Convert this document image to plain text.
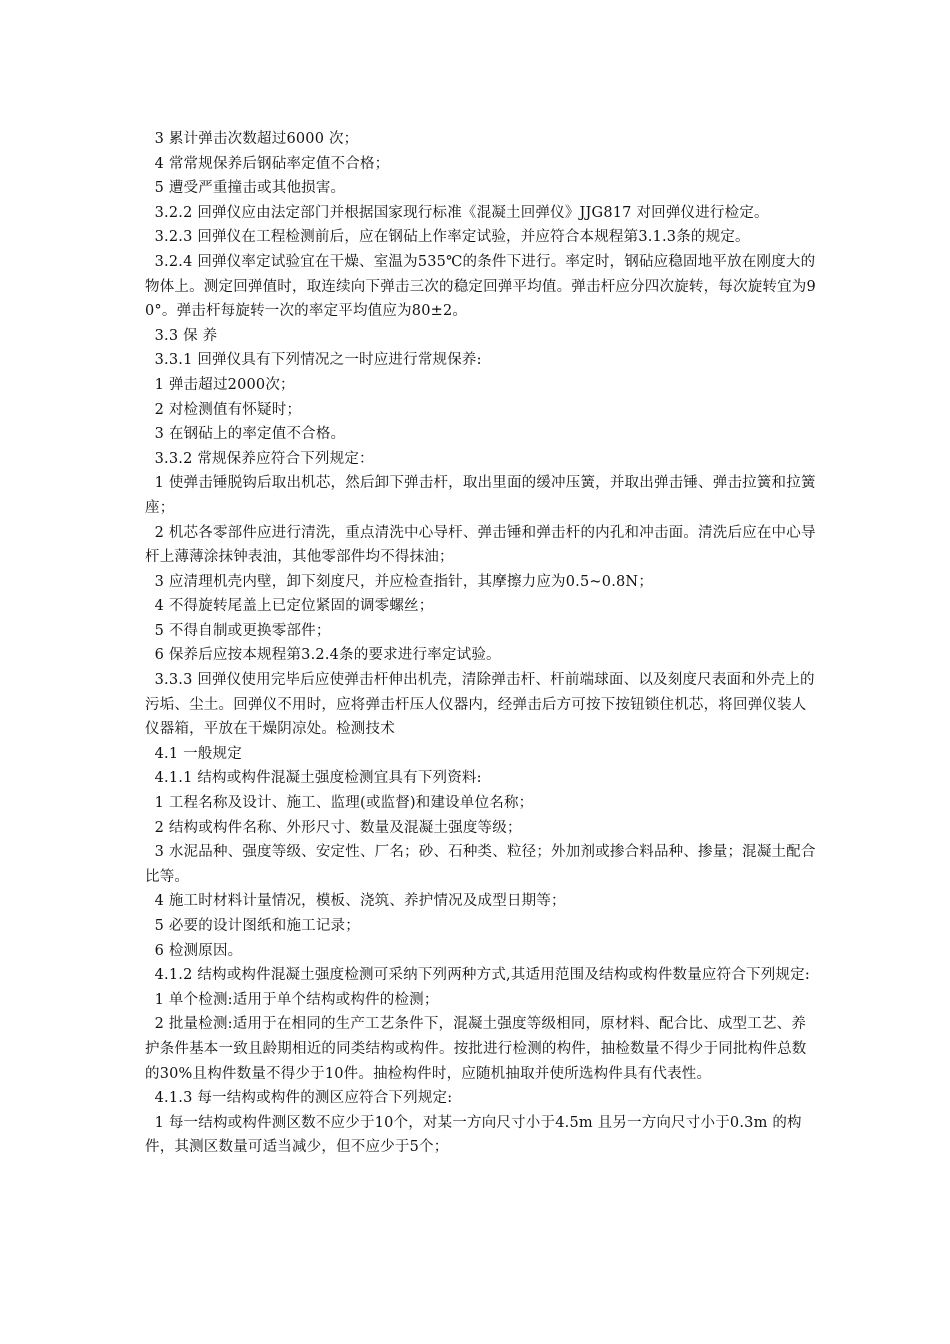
3 累计弹击次数超过6000 次；

4 常常规保养后钢砧率定值不合格；

5 遭受严重撞击或其他损害。

3.2.2 回弹仪应由法定部门并根据国家现行标准《混凝土回弹仪》JJG817 对回弹仪进行检定。

3.2.3 回弹仪在工程检测前后，应在钢砧上作率定试验，并应符合本规程第3.1.3条的规定。

3.2.4 回弹仪率定试验宜在干燥、室温为535℃的条件下进行。率定时，钢砧应稳固地平放在刚度大的物体上。测定回弹值时，取连续向下弹击三次的稳定回弹平均值。弹击杆应分四次旋转，每次旋转宜为90°。弹击杆每旋转一次的率定平均值应为80±2。

3.3 保 养

3.3.1 回弹仪具有下列情况之一时应进行常规保养:

1 弹击超过2000次；

2 对检测值有怀疑时；

3 在钢砧上的率定值不合格。

3.3.2 常规保养应符合下列规定：

1 使弹击锤脱钩后取出机芯，然后卸下弹击杆，取出里面的缓冲压簧，并取出弹击锤、弹击拉簧和拉簧座；

2 机芯各零部件应进行清洗，重点清洗中心导杆、弹击锤和弹击杆的内孔和冲击面。清洗后应在中心导杆上薄薄涂抹钟表油，其他零部件均不得抹油；

3 应清理机壳内壁，卸下刻度尺，并应检查指针，其摩擦力应为0.5~0.8N；

4 不得旋转尾盖上已定位紧固的调零螺丝；

5 不得自制或更换零部件；

6 保养后应按本规程第3.2.4条的要求进行率定试验。

3.3.3 回弹仪使用完毕后应使弹击杆伸出机壳，清除弹击杆、杆前端球面、以及刻度尺表面和外壳上的污垢、尘土。回弹仪不用时，应将弹击杆压人仪器内，经弹击后方可按下按钮锁住机芯，将回弹仪装人仪器箱，平放在干燥阴凉处。检测技术

4.1 一般规定

4.1.1 结构或构件混凝土强度检测宜具有下列资料:

1 工程名称及设计、施工、监理(或监督)和建设单位名称；

2 结构或构件名称、外形尺寸、数量及混凝土强度等级；

3 水泥品种、强度等级、安定性、厂名；砂、石种类、粒径；外加剂或掺合料品种、掺量；混凝土配合比等。

4 施工时材料计量情况，模板、浇筑、养护情况及成型日期等；

5 必要的设计图纸和施工记录；

6 检测原因。

4.1.2 结构或构件混凝土强度检测可采纳下列两种方式,其适用范围及结构或构件数量应符合下列规定:

1 单个检测:适用于单个结构或构件的检测；

2 批量检测:适用于在相同的生产工艺条件下，混凝土强度等级相同，原材料、配合比、成型工艺、养护条件基本一致且龄期相近的同类结构或构件。按批进行检测的构件，抽检数量不得少于同批构件总数的30%且构件数量不得少于10件。抽检构件时，应随机抽取并使所选构件具有代表性。

4.1.3 每一结构或构件的测区应符合下列规定:

1 每一结构或构件测区数不应少于10个，对某一方向尺寸小于4.5m 且另一方向尺寸小于0.3m 的构件，其测区数量可适当减少，但不应少于5个；
